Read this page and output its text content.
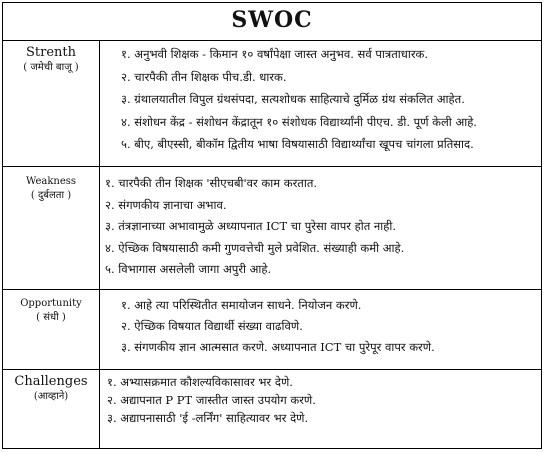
SWOC
Strenth
( जमेची बाजू )
१. अनुभवी शिक्षक - किमान १० वर्षांपेक्षा जास्त अनुभव. सर्व पात्रताधारक.
२. चारपैकी तीन शिक्षक पीच.डी. धारक.
३. ग्रंथालयातील विपुल ग्रंथसंपदा, सत्यशोधक साहित्याचे दुर्मिळ ग्रंथ संकलित आहेत.
४. संशोधन केंद्र - संशोधन केंद्रातून १० संशोधक विद्यार्थ्यांनी पीएच. डी. पूर्ण केली आहे.
५. बीए, बीएस्सी, बीकॉम द्वितीय भाषा विषयासाठी विद्यार्थ्यांचा खूपच चांगला प्रतिसाद.
Weakness
( दुर्बलता )
१. चारपैकी तीन शिक्षक 'सीएचबी'वर काम करतात.
२. संगणकीय ज्ञानाचा अभाव.
३. तंत्रज्ञानाच्या अभावामुळे अध्यापनात ICT चा पुरेसा वापर होत नाही.
४. ऐच्छिक विषयासाठी कमी गुणवत्तेची मुले प्रवेशित. संख्याही कमी आहे.
५. विभागास असलेली जागा अपुरी आहे.
Opportunity
( संधी )
१. आहे त्या परिस्थितीत समायोजन साधने. नियोजन करणे.
२. ऐच्छिक विषयात विद्यार्थी संख्या वाढविणे.
३. संगणकीय ज्ञान आत्मसात करणे. अध्यापनात ICT चा पुरेपूर वापर करणे.
Challenges
(आव्हाने)
१. अभ्यासक्रमात कौशल्यविकासावर भर देणे.
२. अद्यापनात P PT जास्तीत जास्त उपयोग करणे.
३. अद्यापनासाठी 'ई -लर्निंग' साहित्यावर भर देणे.
